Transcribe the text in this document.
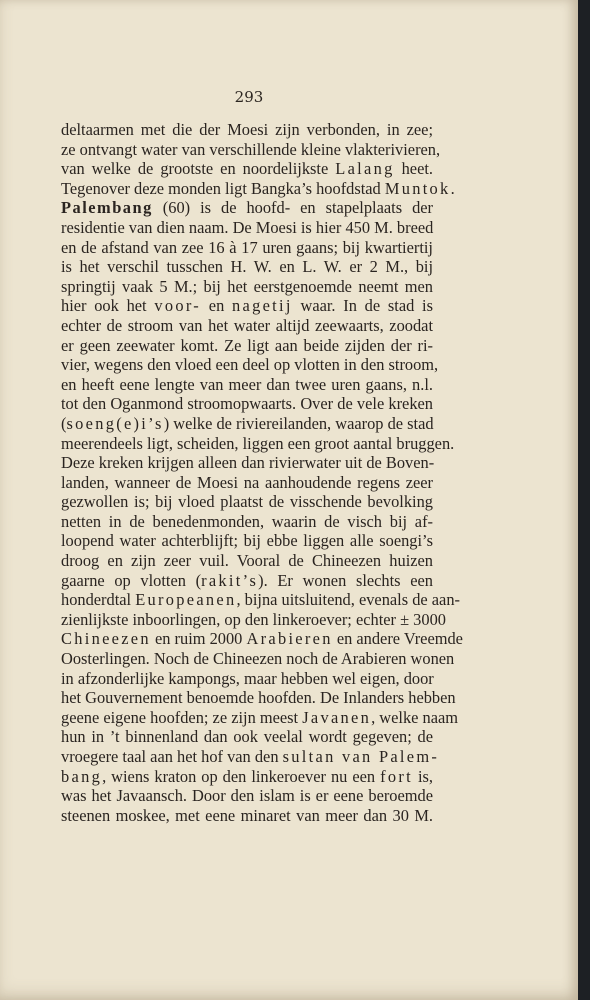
293
deltaarmen met die der Moesi zijn verbonden, in zee;
ze ontvangt water van verschillende kleine vlakterivieren,
van welke de grootste en noordelijkste Lalang heet.
Tegenover deze monden ligt Bangka’s hoofdstad Muntok.
Palembang (60) is de hoofd- en stapelplaats der
residentie van dien naam. De Moesi is hier 450 M. breed
en de afstand van zee 16 à 17 uren gaans; bij kwartiertij
is het verschil tusschen H. W. en L. W. er 2 M., bij
springtij vaak 5 M.; bij het eerstgenoemde neemt men
hier ook het voor- en nagetij waar. In de stad is
echter de stroom van het water altijd zeewaarts, zoodat
er geen zeewater komt. Ze ligt aan beide zijden der ri-
vier, wegens den vloed een deel op vlotten in den stroom,
en heeft eene lengte van meer dan twee uren gaans, n.l.
tot den Oganmond stroomopwaarts. Over de vele kreken
(soeng(e)i’s) welke de riviereilanden, waarop de stad
meerendeels ligt, scheiden, liggen een groot aantal bruggen.
Deze kreken krijgen alleen dan rivierwater uit de Boven-
landen, wanneer de Moesi na aanhoudende regens zeer
gezwollen is; bij vloed plaatst de visschende bevolking
netten in de benedenmonden, waarin de visch bij af-
loopend water achterblijft; bij ebbe liggen alle soengi’s
droog en zijn zeer vuil. Vooral de Chineezen huizen
gaarne op vlotten (rakit’s). Er wonen slechts een
honderdtal Europeanen, bijna uitsluitend, evenals de aan-
zienlijkste inboorlingen, op den linkeroever; echter ± 3000
Chineezen en ruim 2000 Arabieren en andere Vreemde
Oosterlingen. Noch de Chineezen noch de Arabieren wonen
in afzonderlijke kampongs, maar hebben wel eigen, door
het Gouvernement benoemde hoofden. De Inlanders hebben
geene eigene hoofden; ze zijn meest Javanen, welke naam
hun in ’t binnenland dan ook veelal wordt gegeven; de
vroegere taal aan het hof van den sultan van Palem-
bang, wiens kraton op den linkeroever nu een fort is,
was het Javaansch. Door den islam is er eene beroemde
steenen moskee, met eene minaret van meer dan 30 M.
